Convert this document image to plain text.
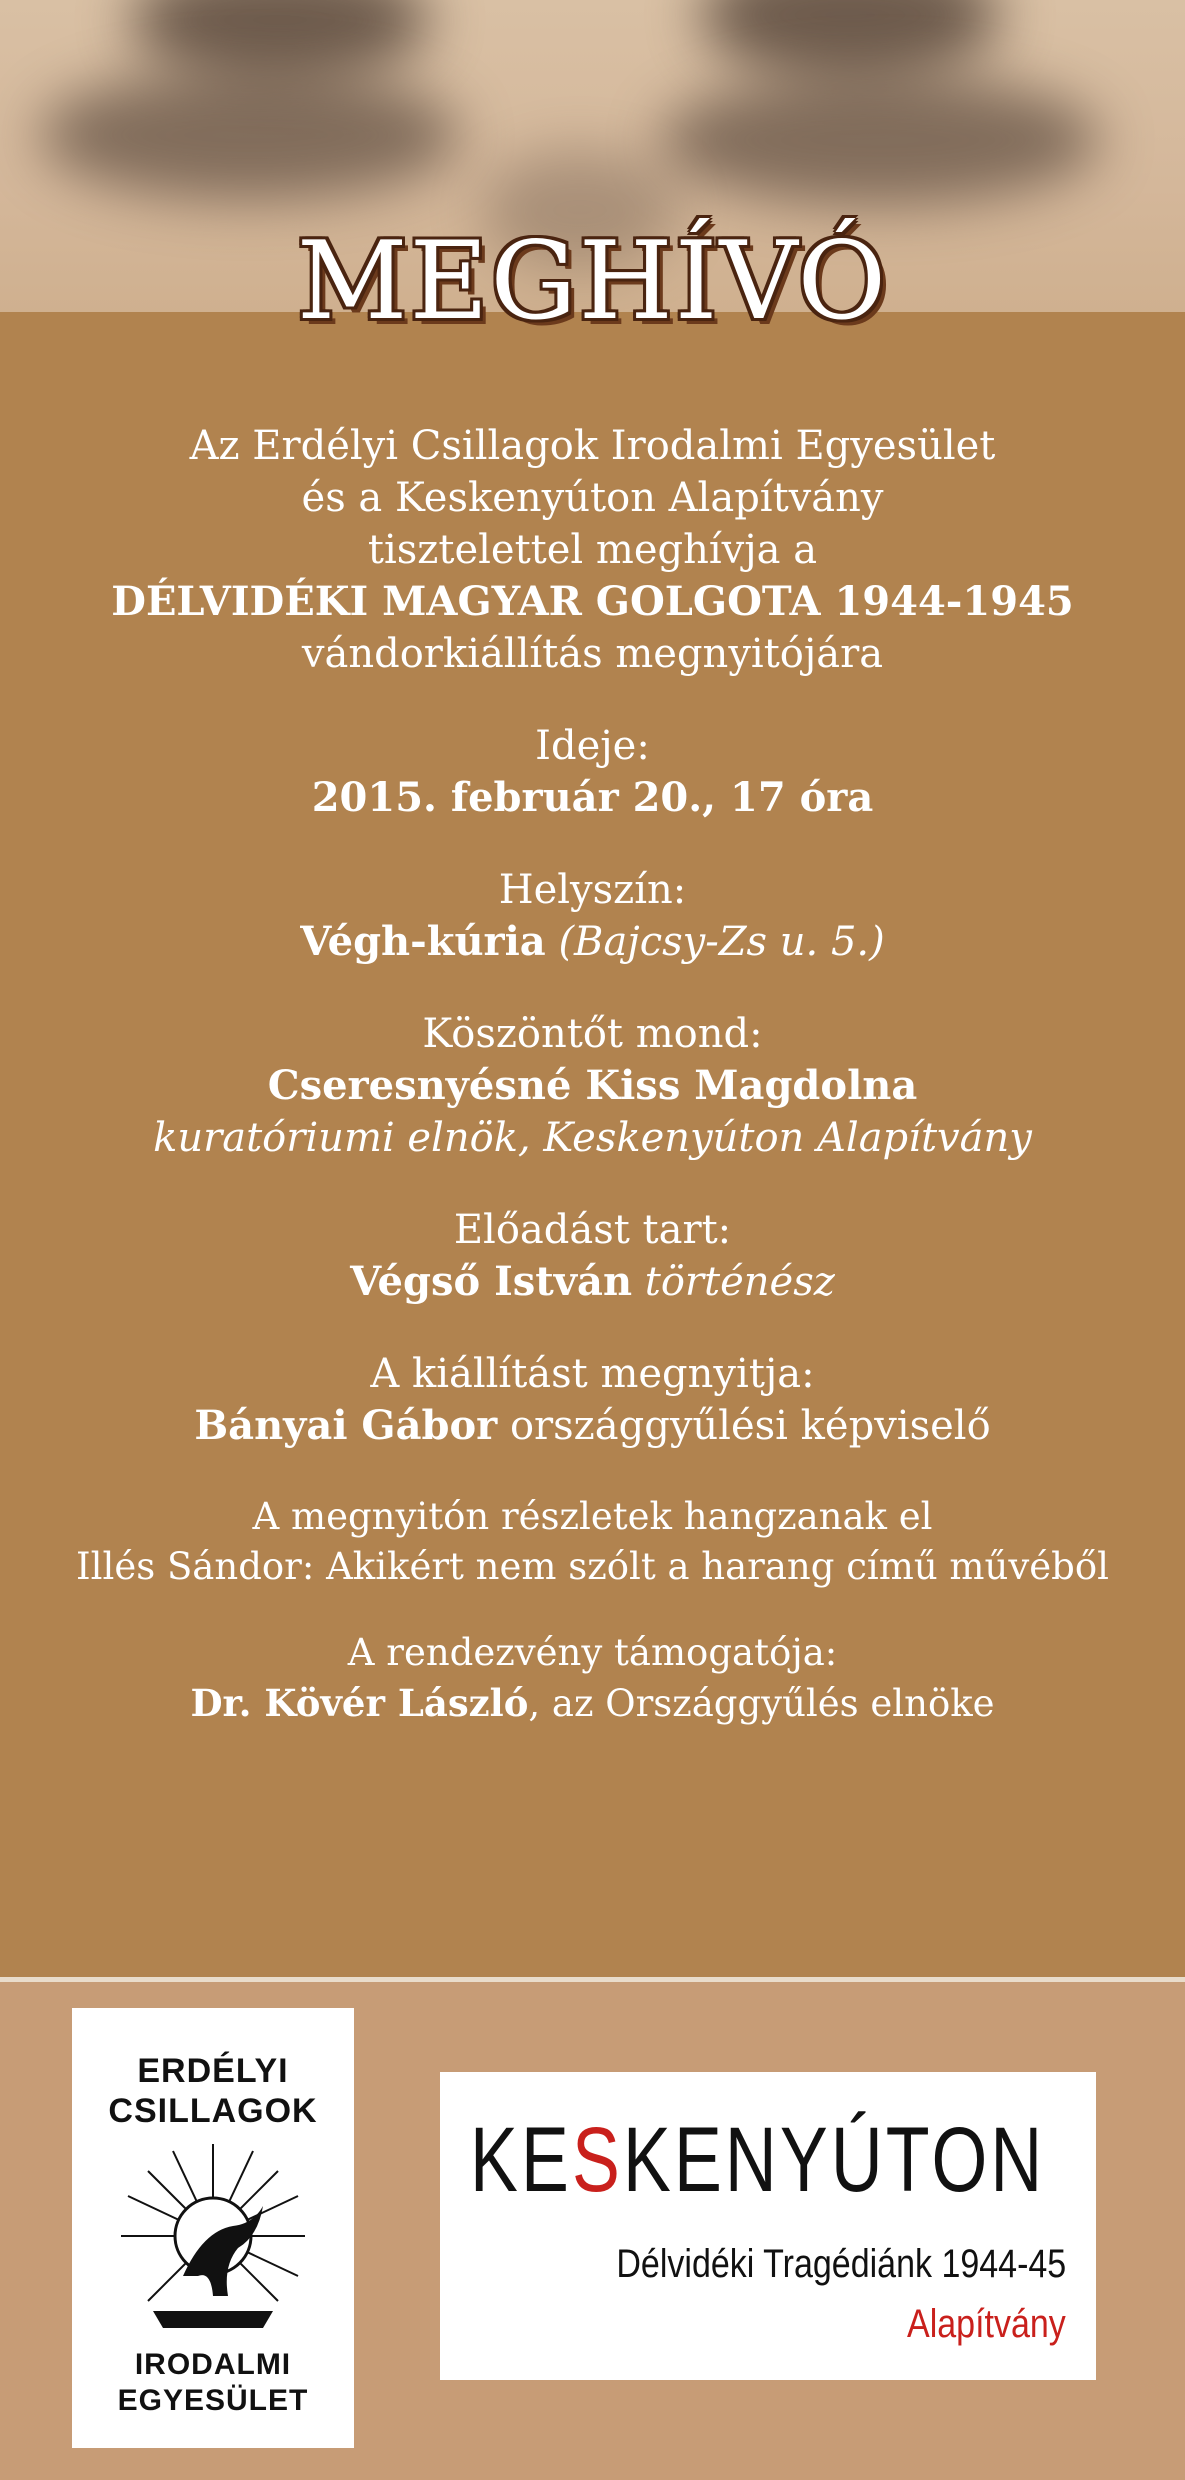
MEGHÍVÓ
Az Erdélyi Csillagok Irodalmi Egyesület
és a Keskenyúton Alapítvány
tisztelettel meghívja a
DÉLVIDÉKI MAGYAR GOLGOTA 1944-1945
vándorkiállítás megnyitójára
Ideje:
2015. február 20., 17 óra
Helyszín:
Végh-kúria (Bajcsy-Zs u. 5.)
Köszöntőt mond:
Cseresnyésné Kiss Magdolna
kuratóriumi elnök, Keskenyúton Alapítvány
Előadást tart:
Végső István történész
A kiállítást megnyitja:
Bányai Gábor országgyűlési képviselő
A megnyitón részletek hangzanak el
Illés Sándor: Akikért nem szólt a harang című művéből
A rendezvény támogatója:
Dr. Kövér László, az Országgyűlés elnöke
ERDÉLYI
CSILLAGOK
IRODALMI
EGYESÜLET
KESKENYÚTON
Délvidéki Tragédiánk 1944-45
Alapítvány
